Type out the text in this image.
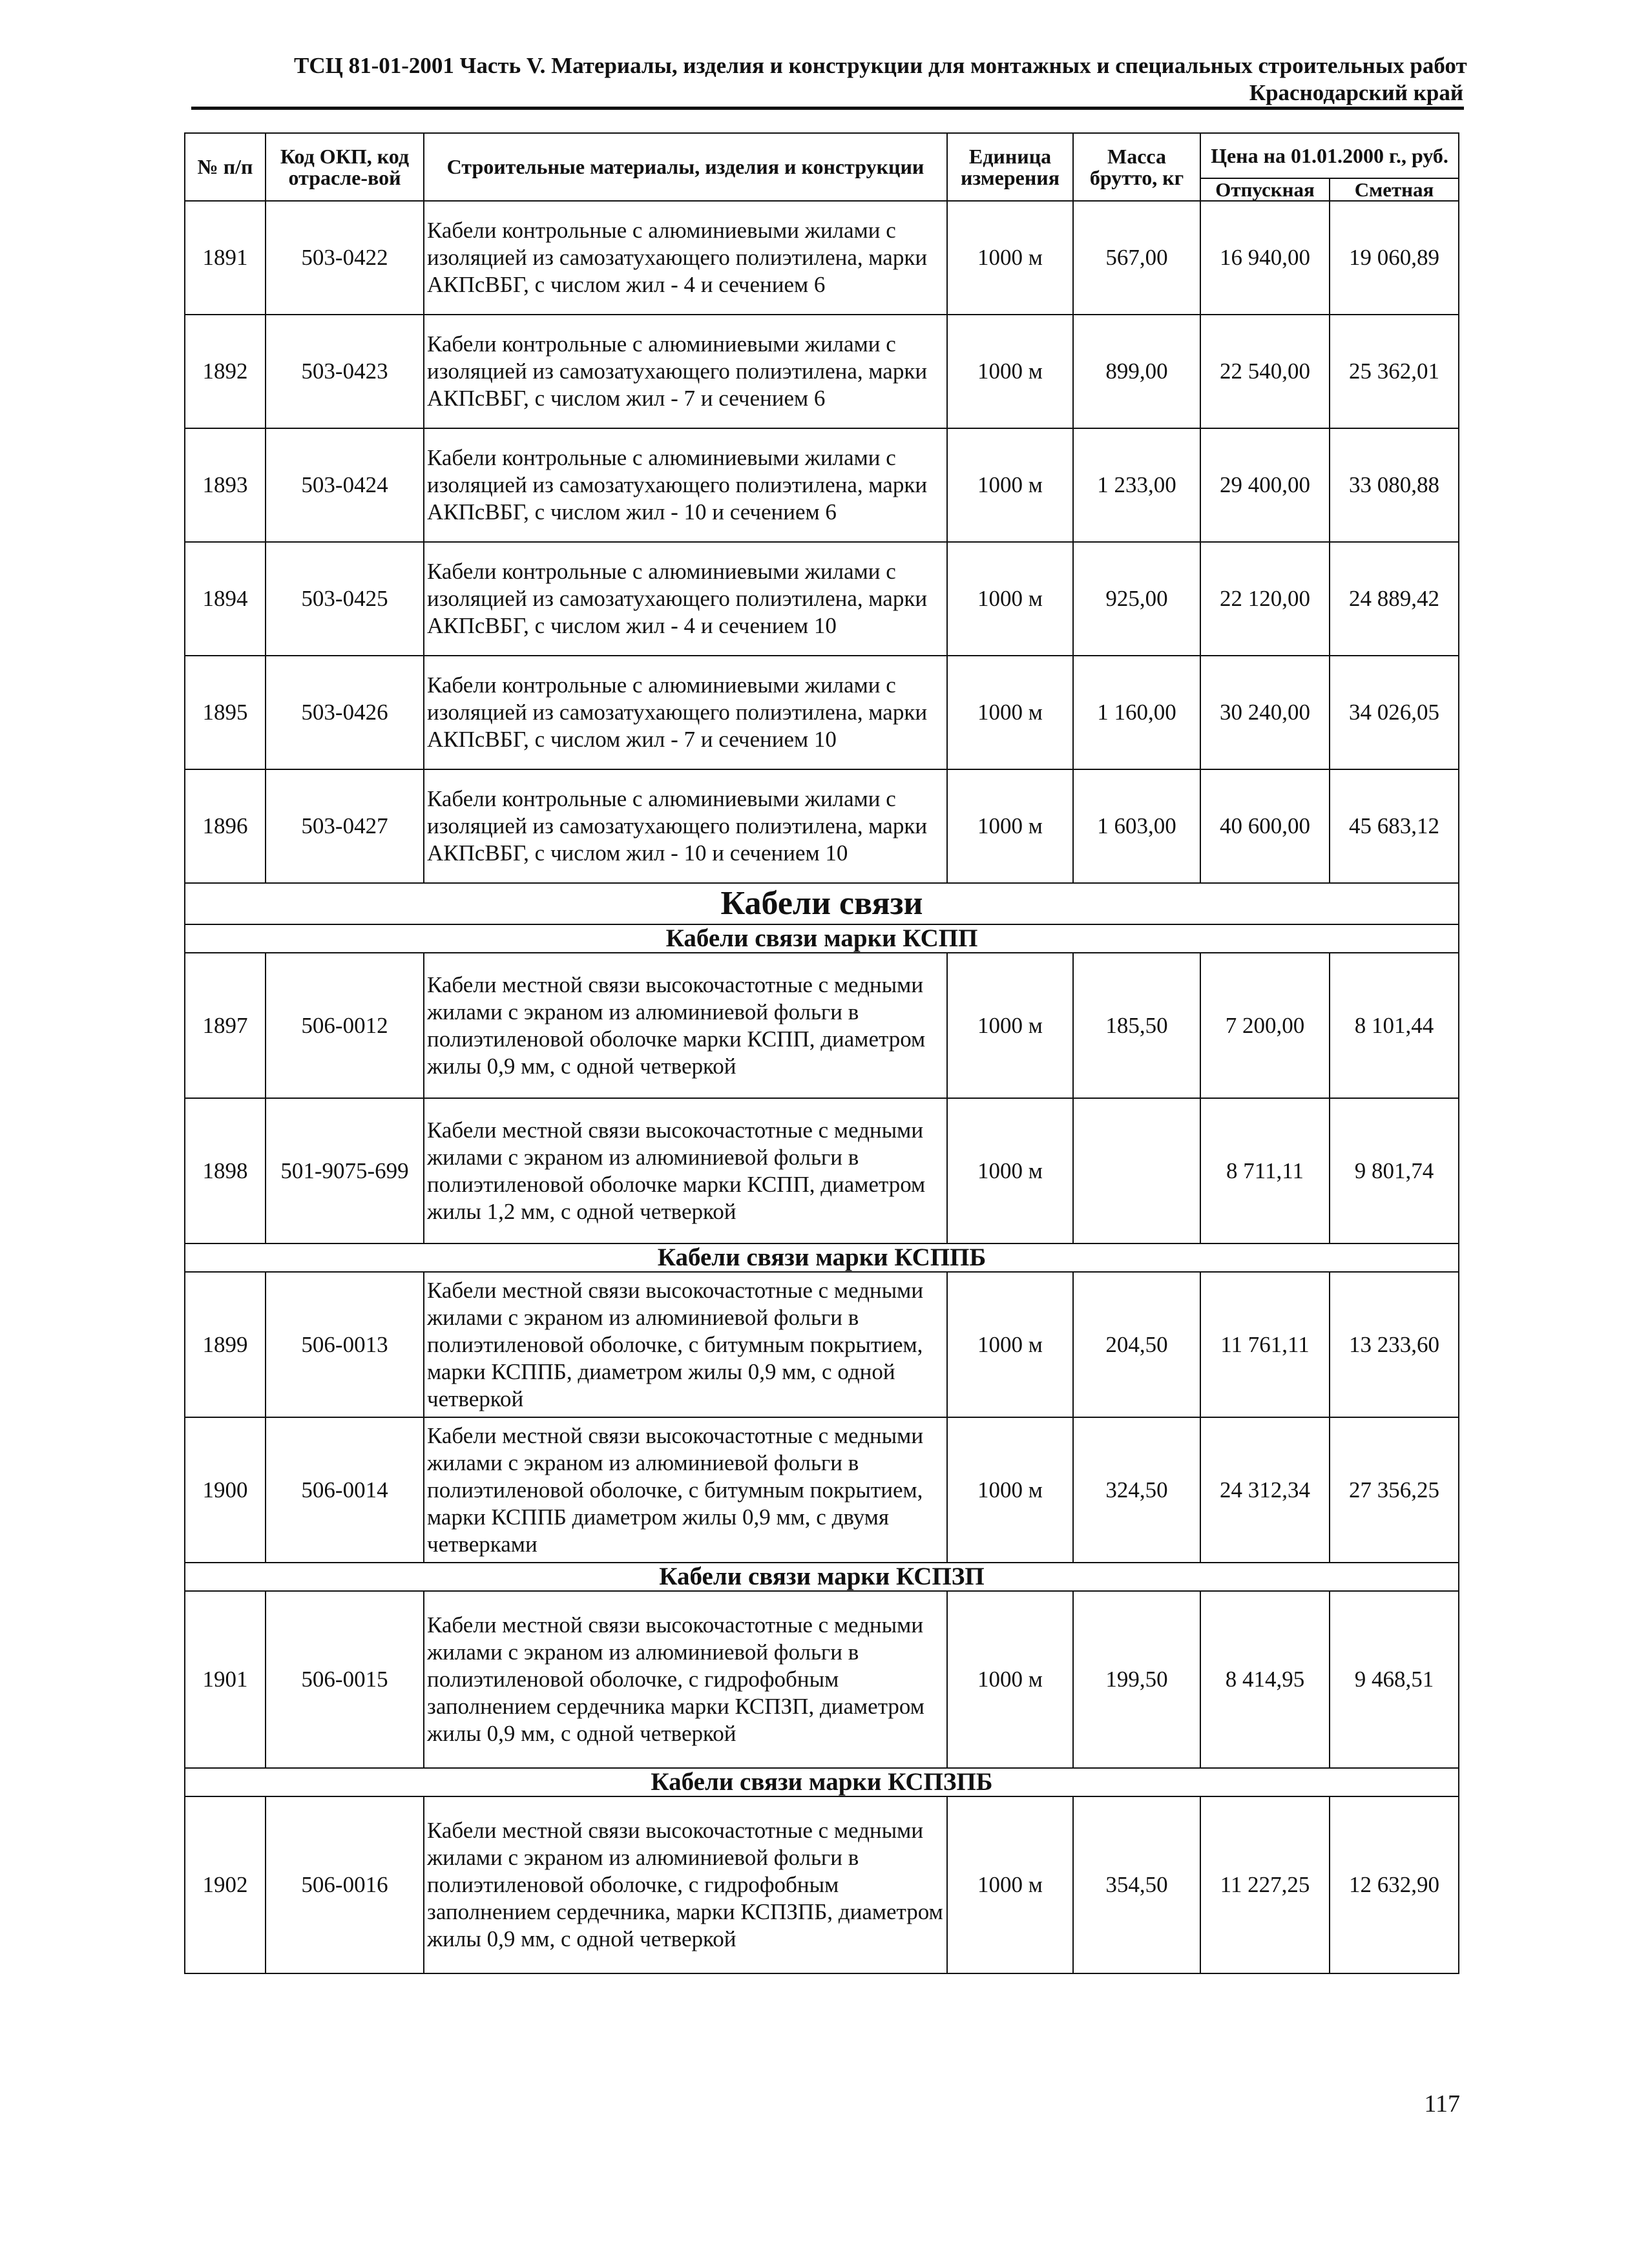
ТСЦ 81-01-2001 Часть V. Материалы, изделия и конструкции для монтажных и специальных строительных работ
Краснодарский край
№ п/п	Код ОКП, код отрасле-вой	Строительные материалы, изделия и конструкции	Единица измерения	Масса брутто, кг	Цена на 01.01.2000 г., руб.	
					Отпускная	Сметная
1891	503-0422	Кабели контрольные с алюминиевыми жилами с изоляцией из самозатухающего полиэтилена, марки АКПсВБГ, с числом жил - 4 и сечением 6	1000 м	567,00	16 940,00	19 060,89
1892	503-0423	Кабели контрольные с алюминиевыми жилами с изоляцией из самозатухающего полиэтилена, марки АКПсВБГ, с числом жил - 7 и сечением 6	1000 м	899,00	22 540,00	25 362,01
1893	503-0424	Кабели контрольные с алюминиевыми жилами с изоляцией из самозатухающего полиэтилена, марки АКПсВБГ, с числом жил - 10 и сечением 6	1000 м	1 233,00	29 400,00	33 080,88
1894	503-0425	Кабели контрольные с алюминиевыми жилами с изоляцией из самозатухающего полиэтилена, марки АКПсВБГ, с числом жил - 4 и сечением 10	1000 м	925,00	22 120,00	24 889,42
1895	503-0426	Кабели контрольные с алюминиевыми жилами с изоляцией из самозатухающего полиэтилена, марки АКПсВБГ, с числом жил - 7 и сечением 10	1000 м	1 160,00	30 240,00	34 026,05
1896	503-0427	Кабели контрольные с алюминиевыми жилами с изоляцией из самозатухающего полиэтилена, марки АКПсВБГ, с числом жил - 10 и сечением 10	1000 м	1 603,00	40 600,00	45 683,12
Кабели связи						
Кабели связи марки КСПП						
1897	506-0012	Кабели местной связи высокочастотные с медными жилами с экраном из алюминиевой фольги в полиэтиленовой оболочке марки КСПП, диаметром жилы 0,9 мм, с одной четверкой	1000 м	185,50	7 200,00	8 101,44
1898	501-9075-699	Кабели местной связи высокочастотные с медными жилами с экраном из алюминиевой фольги в полиэтиленовой оболочке марки КСПП, диаметром жилы 1,2 мм, с одной четверкой	1000 м		8 711,11	9 801,74
Кабели связи марки КСППБ						
1899	506-0013	Кабели местной связи высокочастотные с медными жилами с экраном из алюминиевой фольги в полиэтиленовой оболочке, с битумным покрытием, марки КСППБ, диаметром жилы 0,9 мм, с одной четверкой	1000 м	204,50	11 761,11	13 233,60
1900	506-0014	Кабели местной связи высокочастотные с медными жилами с экраном из алюминиевой фольги в полиэтиленовой оболочке, с битумным покрытием, марки КСППБ диаметром жилы 0,9 мм, с двумя четверками	1000 м	324,50	24 312,34	27 356,25
Кабели связи марки КСПЗП						
1901	506-0015	Кабели местной связи высокочастотные с медными жилами с экраном из алюминиевой фольги в полиэтиленовой оболочке, с гидрофобным заполнением сердечника марки КСПЗП, диаметром жилы 0,9 мм, с одной четверкой	1000 м	199,50	8 414,95	9 468,51
Кабели связи марки КСПЗПБ						
1902	506-0016	Кабели местной связи высокочастотные с медными жилами с экраном из алюминиевой фольги в полиэтиленовой оболочке, с гидрофобным заполнением сердечника, марки КСПЗПБ, диаметром жилы 0,9 мм, с одной четверкой	1000 м	354,50	11 227,25	12 632,90
117
